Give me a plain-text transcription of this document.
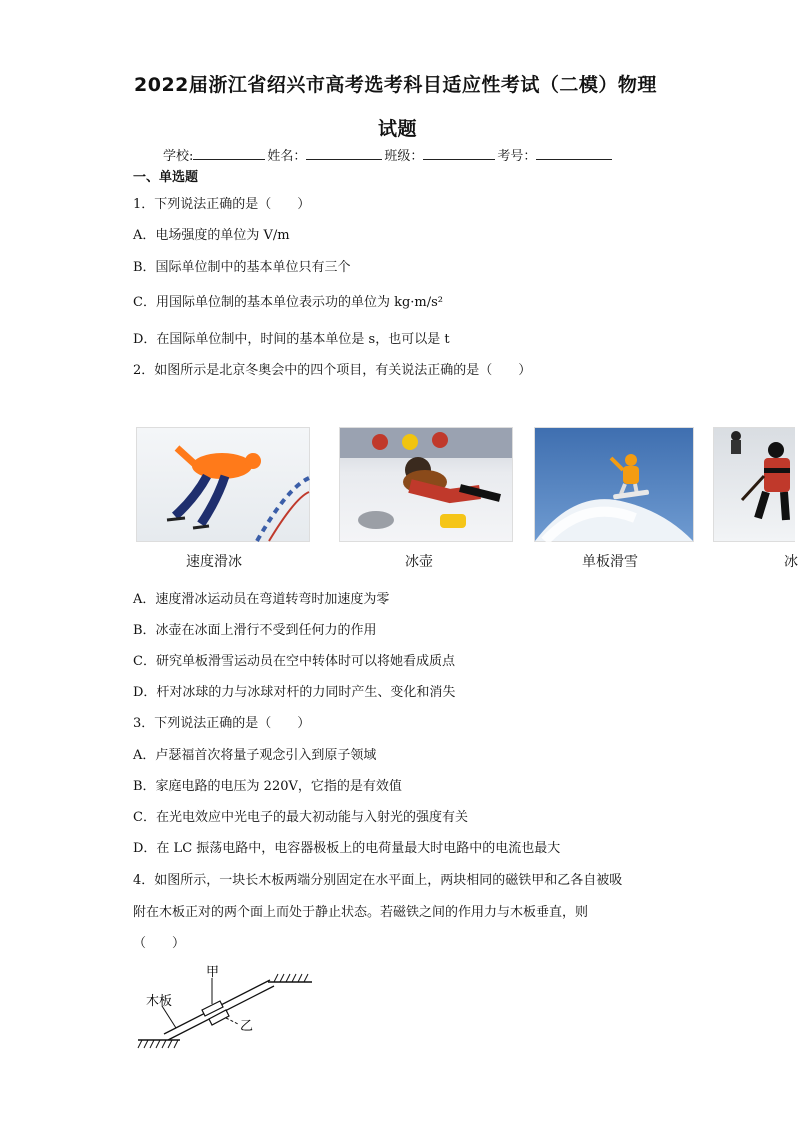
2022届浙江省绍兴市高考选考科目适应性考试（二模）物理
试题
学校:	姓名：	班级：	考号：
一、单选题
1．下列说法正确的是（　　）
A．电场强度的单位为 V/m
B．国际单位制中的基本单位只有三个
C．用国际单位制的基本单位表示功的单位为 kg·m/s²
D．在国际单位制中，时间的基本单位是 s，也可以是 t
2．如图所示是北京冬奥会中的四个项目，有关说法正确的是（　　）
速度滑冰	冰壶	单板滑雪	冰
A．速度滑冰运动员在弯道转弯时加速度为零
B．冰壶在冰面上滑行不受到任何力的作用
C．研究单板滑雪运动员在空中转体时可以将她看成质点
D．杆对冰球的力与冰球对杆的力同时产生、变化和消失
3．下列说法正确的是（　　）
A．卢瑟福首次将量子观念引入到原子领域
B．家庭电路的电压为 220V，它指的是有效值
C．在光电效应中光电子的最大初动能与入射光的强度有关
D．在 LC 振荡电路中，电容器极板上的电荷量最大时电路中的电流也最大
4．如图所示，一块长木板两端分别固定在水平面上，两块相同的磁铁甲和乙各自被吸
附在木板正对的两个面上而处于静止状态。若磁铁之间的作用力与木板垂直，则
（　　）
甲
木板
乙
